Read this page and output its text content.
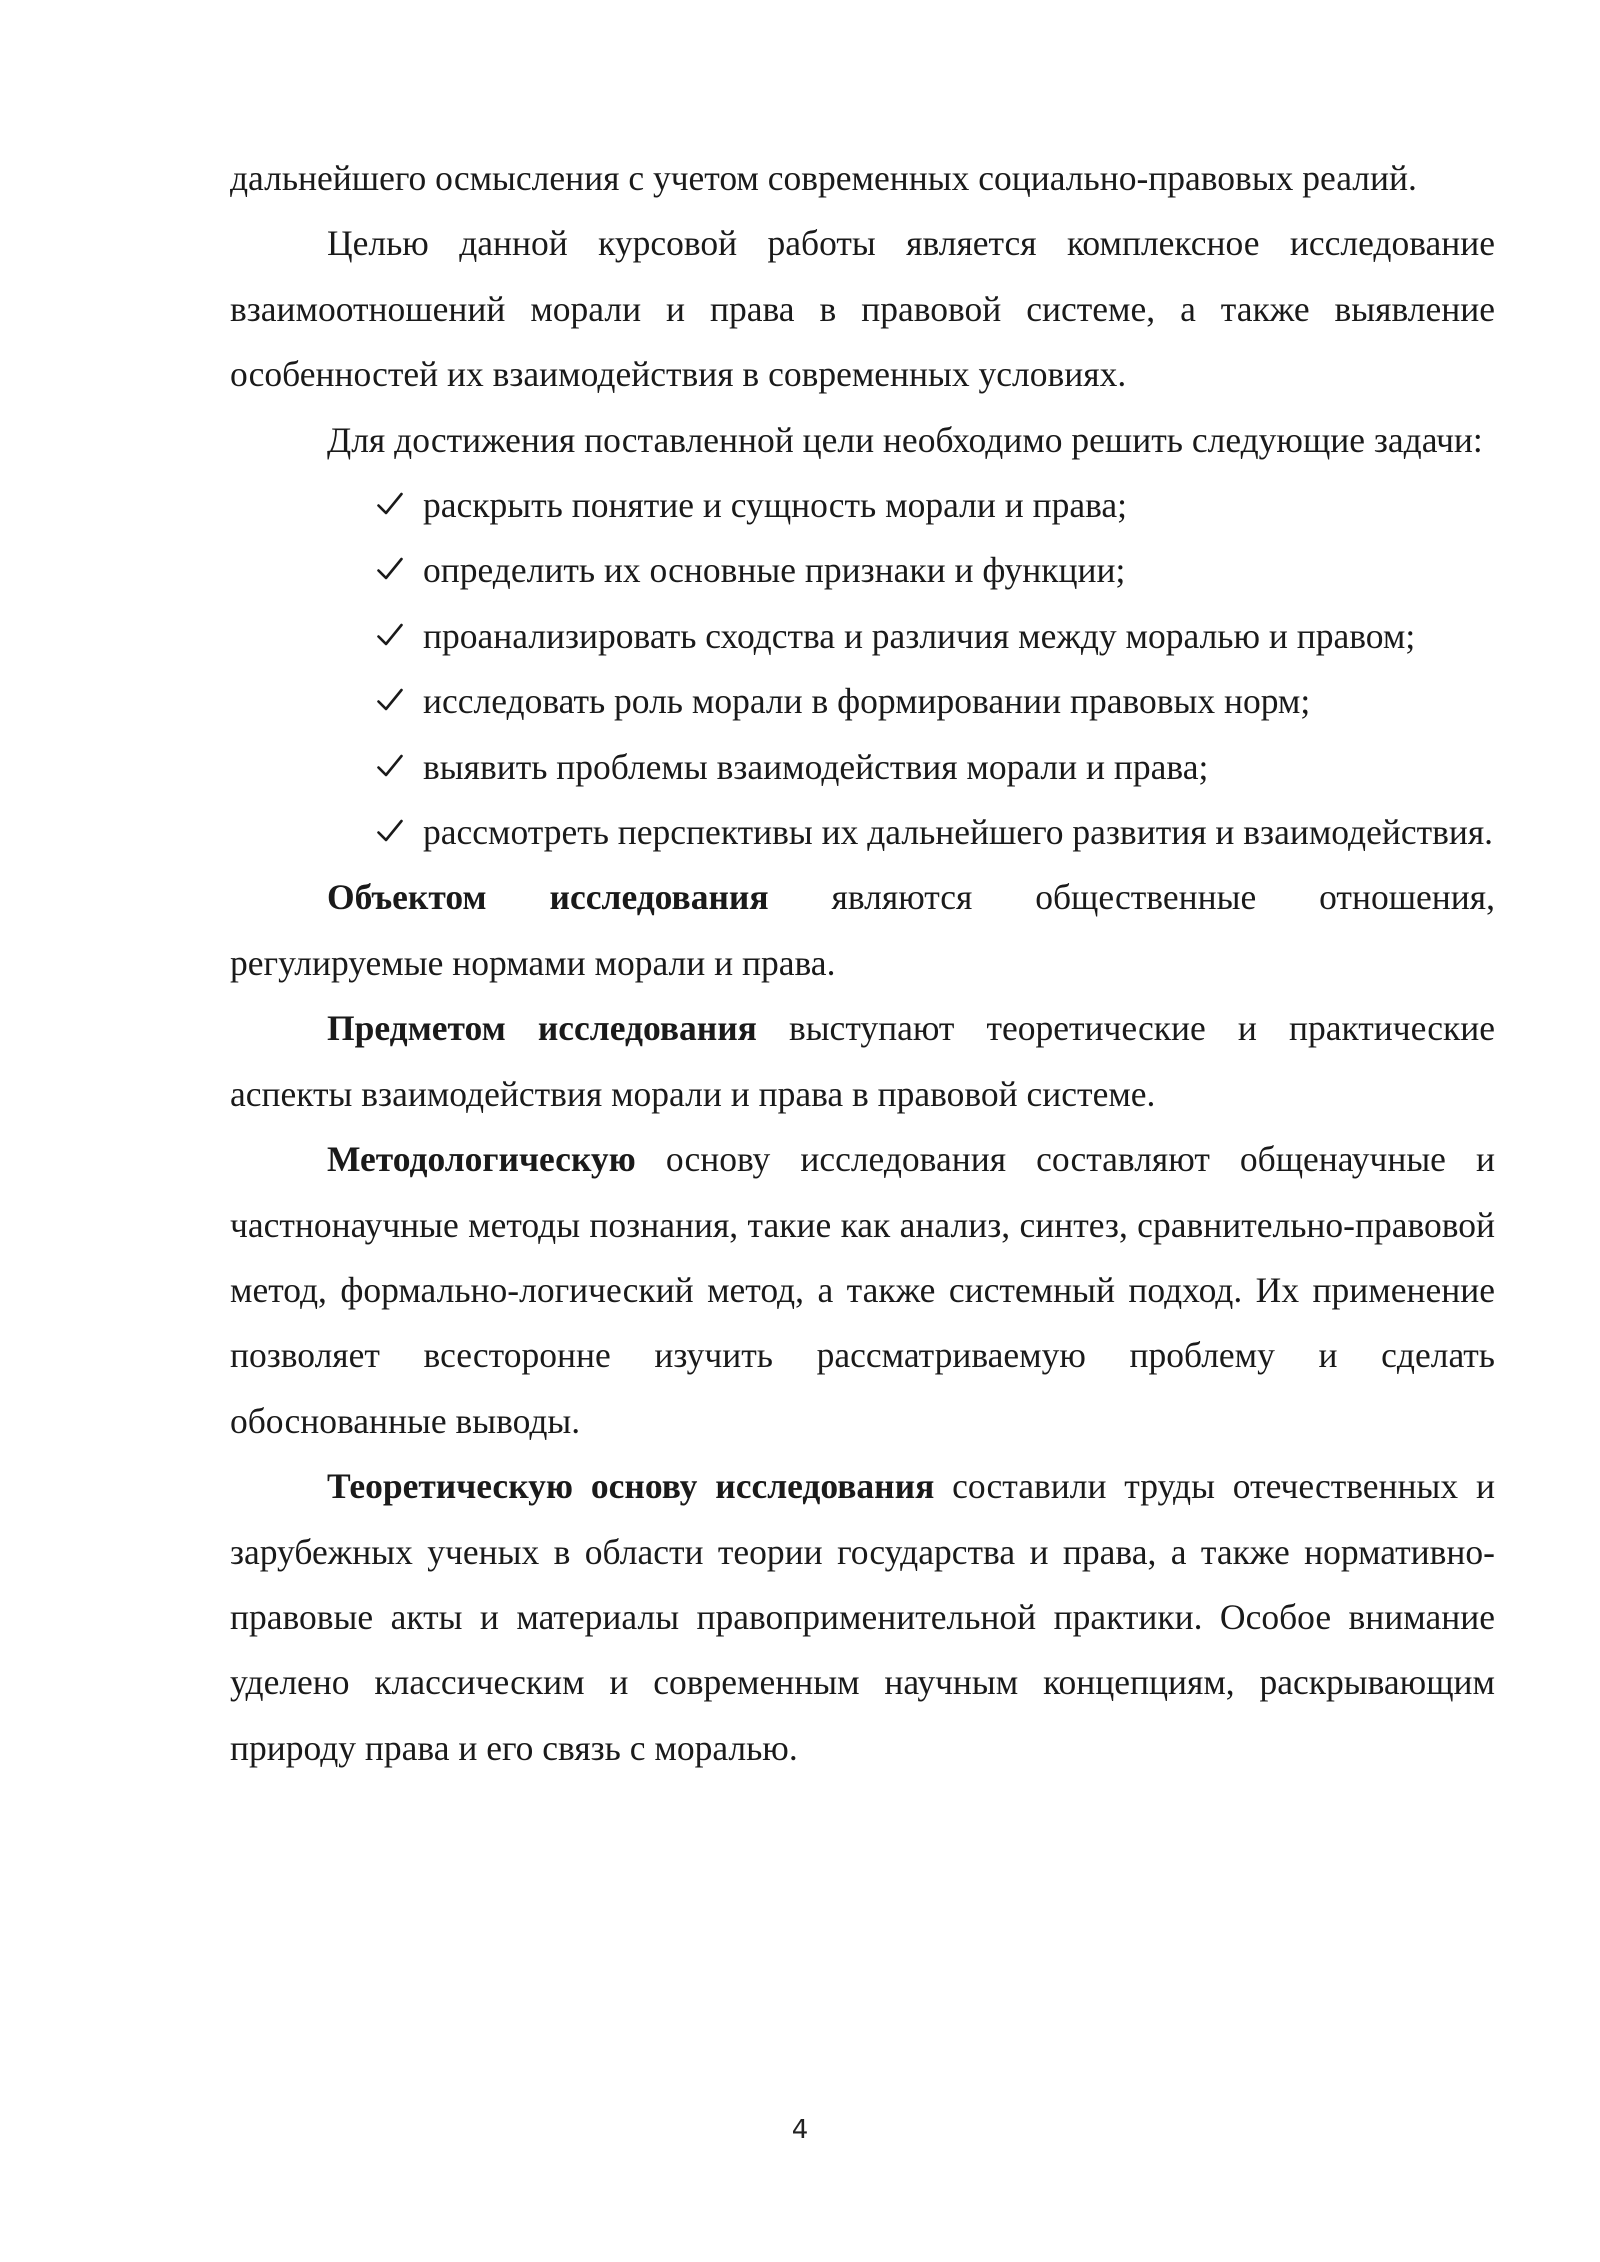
дальнейшего осмысления с учетом современных социально-правовых реалий.

Целью данной курсовой работы является комплексное исследование взаимоотношений морали и права в правовой системе, а также выявление особенностей их взаимодействия в современных условиях.

Для достижения поставленной цели необходимо решить следующие задачи:

раскрыть понятие и сущность морали и права;
определить их основные признаки и функции;
проанализировать сходства и различия между моралью и правом;
исследовать роль морали в формировании правовых норм;
выявить проблемы взаимодействия морали и права;
рассмотреть перспективы их дальнейшего развития и взаимодействия.

Объектом исследования являются общественные отношения, регулируемые нормами морали и права.

Предметом исследования выступают теоретические и практические аспекты взаимодействия морали и права в правовой системе.

Методологическую основу исследования составляют общенаучные и частнонаучные методы познания, такие как анализ, синтез, сравнительно-правовой метод, формально-логический метод, а также системный подход. Их применение позволяет всесторонне изучить рассматриваемую проблему и сделать обоснованные выводы.

Теоретическую основу исследования составили труды отечественных и зарубежных ученых в области теории государства и права, а также нормативно-правовые акты и материалы правоприменительной практики. Особое внимание уделено классическим и современным научным концепциям, раскрывающим природу права и его связь с моралью.

4
